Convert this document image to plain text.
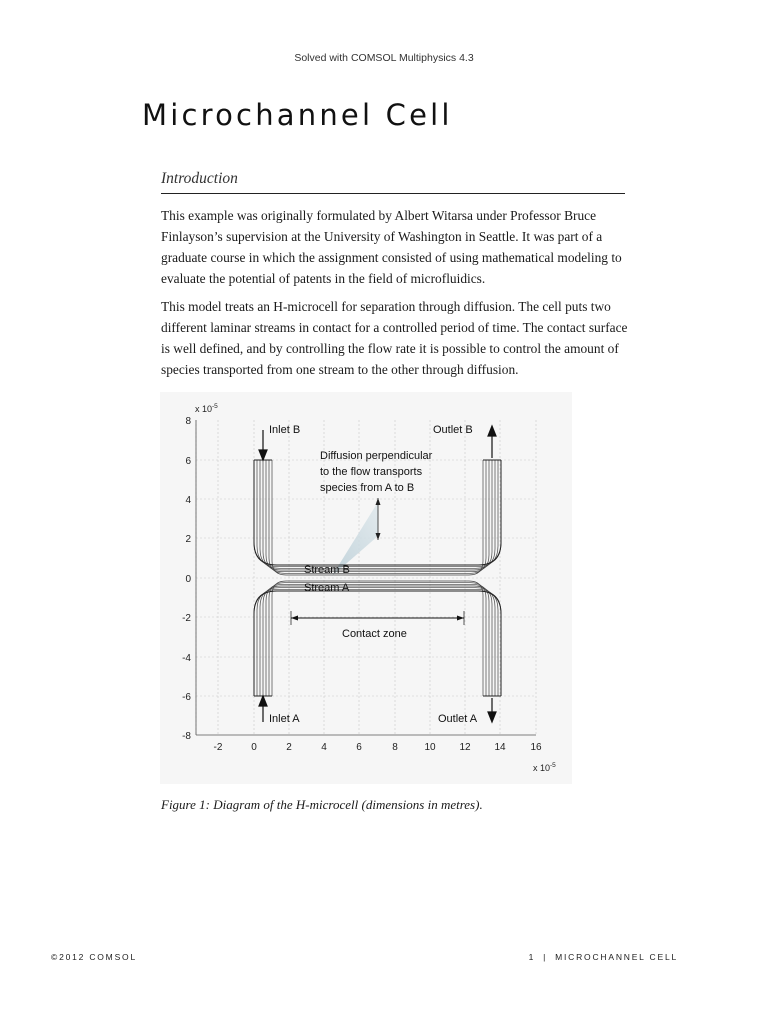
Solved with COMSOL Multiphysics 4.3
Microchannel Cell
Introduction

This example was originally formulated by Albert Witarsa under Professor Bruce Finlayson’s supervision at the University of Washington in Seattle. It was part of a graduate course in which the assignment consisted of using mathematical modeling to evaluate the potential of patents in the field of microfluidics.

This model treats an H-microcell for separation through diffusion. The cell puts two different laminar streams in contact for a controlled period of time. The contact surface is well defined, and by controlling the flow rate it is possible to control the amount of species transported from one stream to the other through diffusion.

8
6
4
2
0
-2
-4
-6
-8
x $10^{-5}$
-2	0	2	4	6	8	10 12 14 16
x $10^{-5}$
Inlet B	Outlet B
Diffusion perpendicular
to the flow transports
species from A to B
Stream B
Stream A
Contact zone
Inlet A	Outlet A
Figure 1: Diagram of the H-microcell (dimensions in metres).
©2012 COMSOL	1 | MICROCHANNEL CELL
